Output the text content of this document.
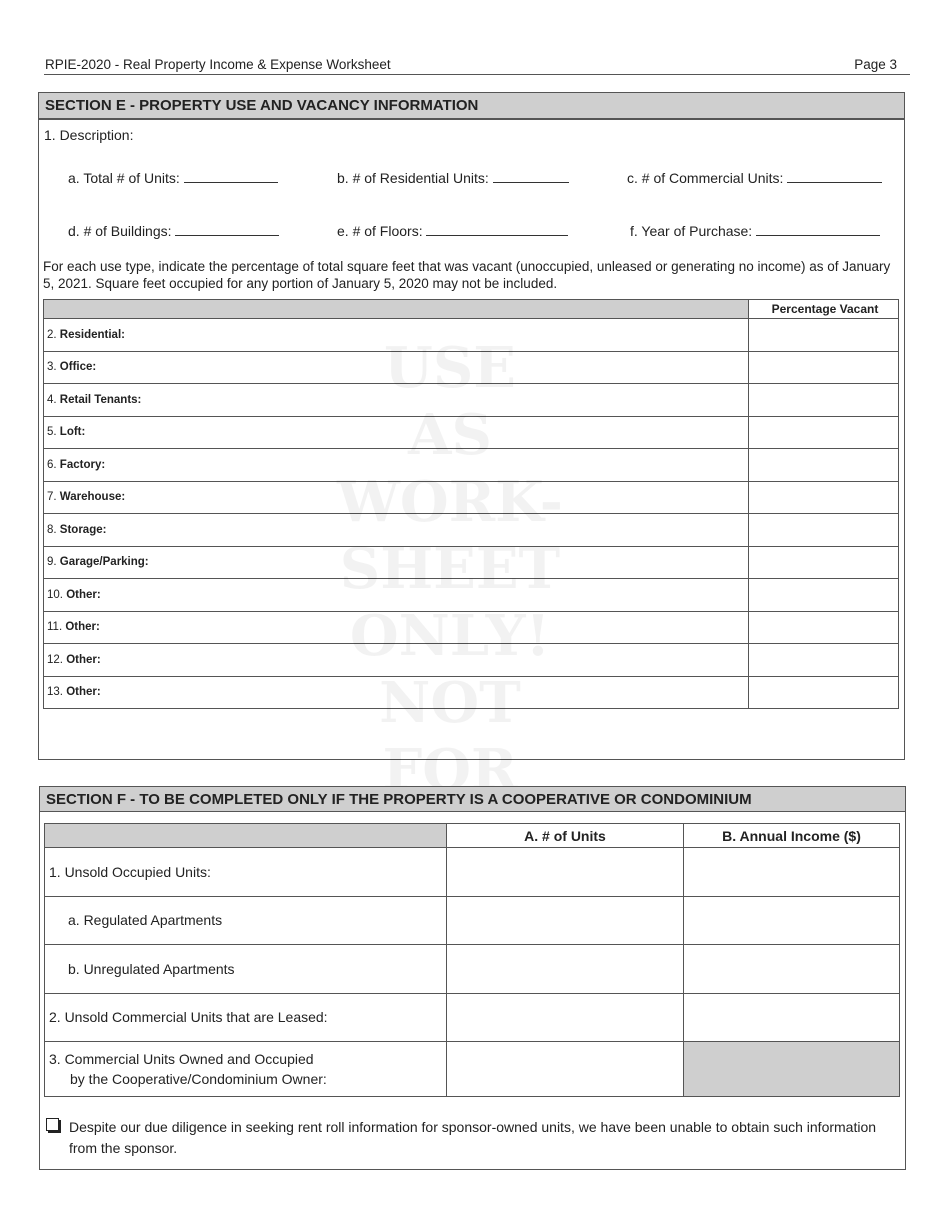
RPIE-2020 - Real Property Income & Expense Worksheet	Page 3
SECTION E - PROPERTY USE AND VACANCY INFORMATION
1. Description:
a. Total # of Units:	b. # of Residential Units:	c. # of Commercial Units:
d. # of Buildings:	e. # of Floors:	f. Year of Purchase:
For each use type, indicate the percentage of total square feet that was vacant (unoccupied, unleased or generating no income) as of January 5, 2021. Square feet occupied for any portion of January 5, 2020 may not be included.
	Percentage Vacant
2. Residential:	
3. Office:	
4. Retail Tenants:	
5. Loft:	
6. Factory:	
7. Warehouse:	
8. Storage:	
9. Garage/Parking:	
10. Other:	
11. Other:	
12. Other:	
13. Other:	
USE
AS
WORK-
SHEET
ONLY!
NOT
FOR
SECTION F - TO BE COMPLETED ONLY IF THE PROPERTY IS A COOPERATIVE OR CONDOMINIUM
	A. # of Units	B. Annual Income ($)
1. Unsold Occupied Units:		
a. Regulated Apartments		
b. Unregulated Apartments		
2. Unsold Commercial Units that are Leased:		

3. Commercial Units Owned and Occupied
by the Cooperative/Condominium Owner:		

Despite our due diligence in seeking rent roll information for sponsor-owned units, we have been unable to obtain such information from the sponsor.
